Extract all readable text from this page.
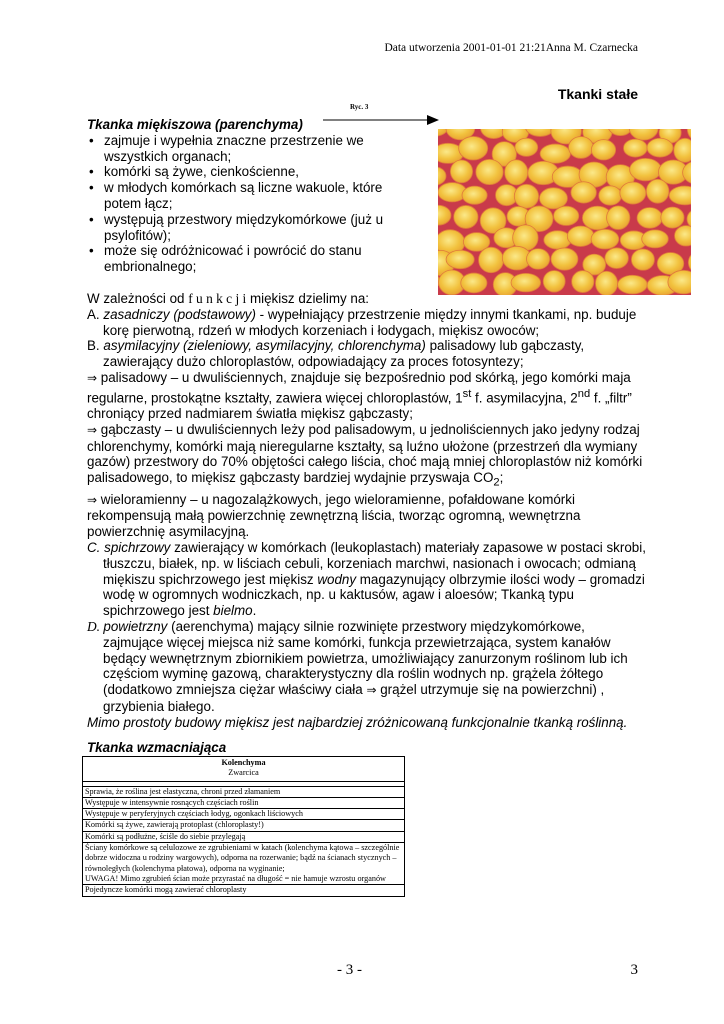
Data utworzenia 2001-01-01 21:21Anna M. Czarnecka
Tkanki stałe
Ryc. 3
Tkanka miękiszowa (parenchyma)
• zajmuje i wypełnia znaczne przestrzenie we wszystkich organach;
• komórki są żywe, cienkościenne,
• w młodych komórkach są liczne wakuole, które potem łącz;
• występują przestwory międzykomórkowe (już u psylofitów);
• może się odróżnicować i powrócić do stanu embrionalnego;
W zależności od f u n k c j i miękisz dzielimy na:
A. zasadniczy (podstawowy) - wypełniający przestrzenie między innymi tkankami, np. buduje korę pierwotną, rdzeń w młodych korzeniach i łodygach, miękisz owoców;
B. asymilacyjny (zieleniowy, asymilacyjny, chlorenchyma) palisadowy lub gąbczasty, zawierający dużo chloroplastów, odpowiadający za proces fotosyntezy;
⇒ palisadowy – u dwuliściennych, znajduje się bezpośrednio pod skórką, jego komórki maja regularne, prostokątne kształty, zawiera więcej chloroplastów, 1st f. asymilacyjna, 2nd f. „filtr” chroniący przed nadmiarem światła miękisz gąbczasty;
⇒ gąbczasty – u dwuliściennych leży pod palisadowym, u jednoliściennych jako jedyny rodzaj chlorenchymy, komórki mają nieregularne kształty, są luźno ułożone (przestrzeń dla wymiany gazów) przestwory do 70% objętości całego liścia, choć mają mniej chloroplastów niż komórki palisadowego, to miękisz gąbczasty bardziej wydajnie przyswaja $CO_2$;
⇒ wieloramienny – u nagozalążkowych, jego wieloramienne, pofałdowane komórki rekompensują małą powierzchnię zewnętrzną liścia, tworząc ogromną, wewnętrzna powierzchnię asymilacyjną.
C. spichrzowy zawierający w komórkach (leukoplastach) materiały zapasowe w postaci skrobi, tłuszczu, białek, np. w liściach cebuli, korzeniach marchwi, nasionach i owocach; odmianą miękiszu spichrzowego jest miękisz wodny magazynujący olbrzymie ilości wody – gromadzi wodę w ogromnych wodniczkach, np. u kaktusów, agaw i aloesów; Tkanką typu spichrzowego jest bielmo.
D. powietrzny (aerenchyma) mający silnie rozwinięte przestwory międzykomórkowe, zajmujące więcej miejsca niż same komórki, funkcja przewietrzająca, system kanałów będący wewnętrznym zbiornikiem powietrza, umożliwiający zanurzonym roślinom lub ich częściom wyminę gazową, charakterystyczny dla roślin wodnych np. grążela żółtego (dodatkowo zmniejsza ciężar właściwy ciała ⇒ grążel utrzymuje się na powierzchni) , grzybienia białego.
Mimo prostoty budowy miękisz jest najbardziej zróżnicowaną funkcjonalnie tkanką roślinną.
Tkanka wzmacniająca
Kolenchyma
Zwarcica

Sprawia, że roślina jest elastyczna, chroni przed złamaniem
Występuje w intensywnie rosnących częściach roślin
Występuje w peryferyjnych częściach łodyg, ogonkach liściowych
Komórki są żywe, zawierają protoplast (chloroplasty!)
Komórki są podłużne, ściśle do siebie przylegają

Ściany komórkowe są celulozowe ze zgrubieniami w katach (kolenchyma kątowa – szczególnie dobrze widoczna u rodziny wargowych), odporna na rozerwanie; bądź na ścianach stycznych – równoległych (kolenchyma płatowa), odporna na wyginanie;
UWAGA! Mimo zgrubień ścian może przyrastać na długość = nie hamuje wzrostu organów

Pojedyncze komórki mogą zawierać chloroplasty
- 3 -	3
